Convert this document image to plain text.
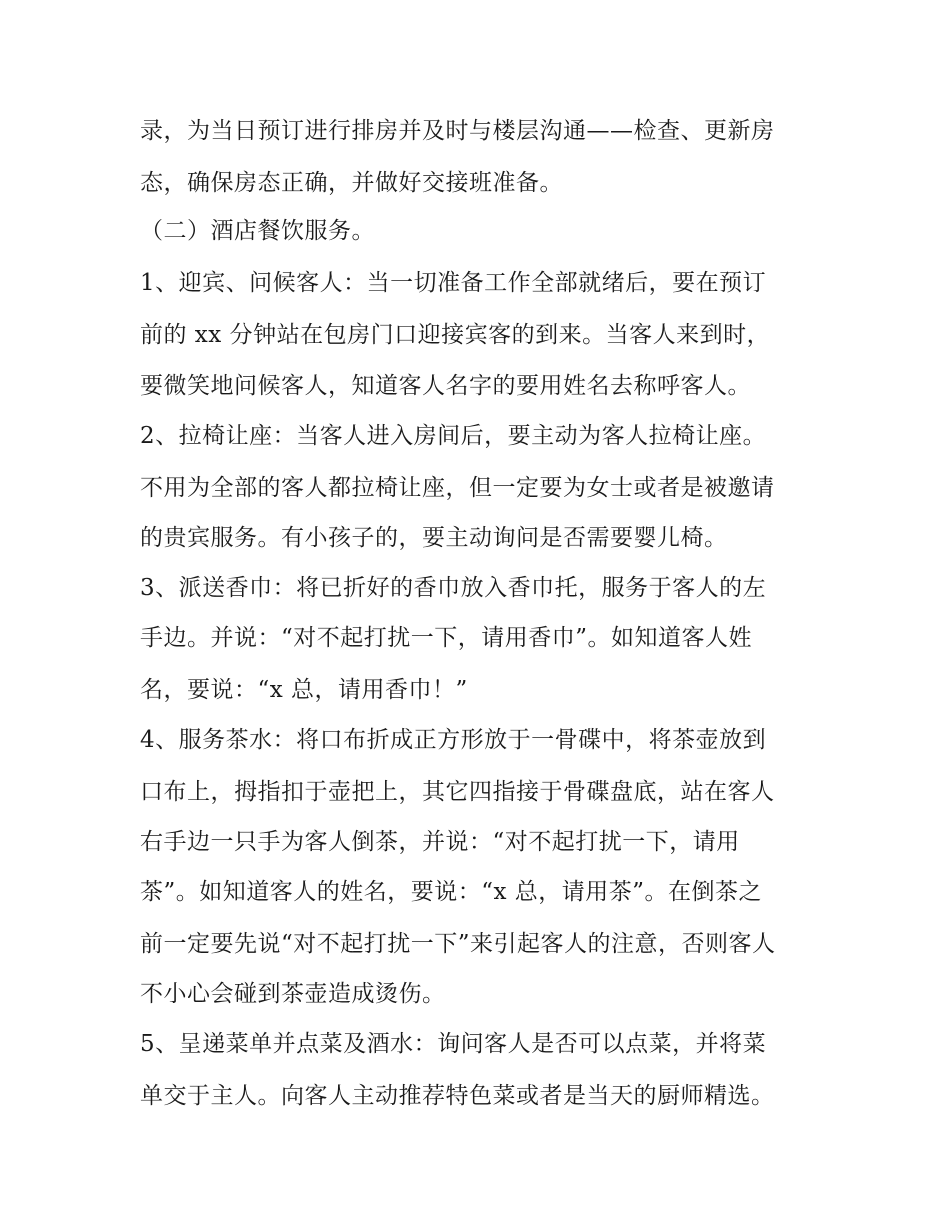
录，为当日预订进行排房并及时与楼层沟通——检查、更新房
态，确保房态正确，并做好交接班准备。
（二）酒店餐饮服务。
1、迎宾、问候客人：当一切准备工作全部就绪后，要在预订
前的 xx 分钟站在包房门口迎接宾客的到来。当客人来到时，
要微笑地问候客人，知道客人名字的要用姓名去称呼客人。
2、拉椅让座：当客人进入房间后，要主动为客人拉椅让座。
不用为全部的客人都拉椅让座，但一定要为女士或者是被邀请
的贵宾服务。有小孩子的，要主动询问是否需要婴儿椅。
3、派送香巾：将已折好的香巾放入香巾托，服务于客人的左
手边。并说：“对不起打扰一下，请用香巾”。如知道客人姓
名，要说：“x 总，请用香巾！”
4、服务茶水：将口布折成正方形放于一骨碟中，将茶壶放到
口布上，拇指扣于壶把上，其它四指接于骨碟盘底，站在客人
右手边一只手为客人倒茶，并说：“对不起打扰一下，请用
茶”。如知道客人的姓名，要说：“x 总，请用茶”。在倒茶之
前一定要先说“对不起打扰一下”来引起客人的注意，否则客人
不小心会碰到茶壶造成烫伤。
5、呈递菜单并点菜及酒水：询问客人是否可以点菜，并将菜
单交于主人。向客人主动推荐特色菜或者是当天的厨师精选。
